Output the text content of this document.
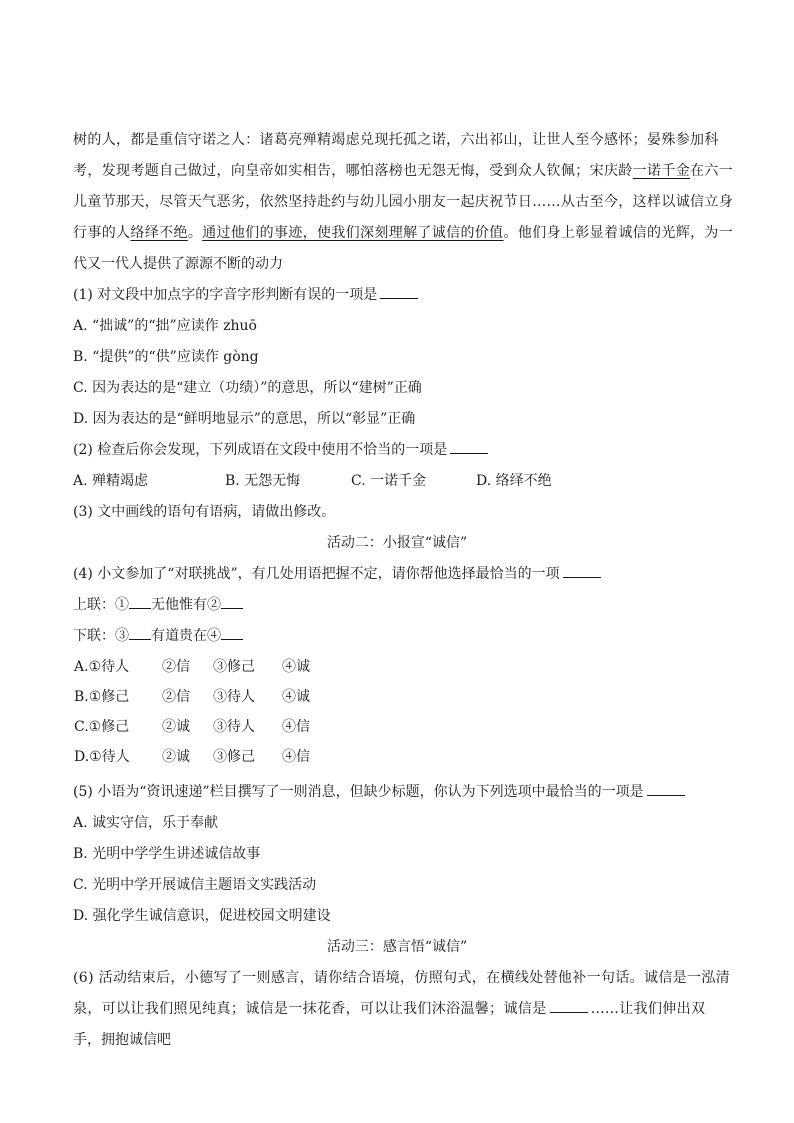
树的人，都是重信守诺之人：诸葛亮殚精竭虑兑现托孤之诺，六出祁山，让世人至今感怀；晏殊参加科
考，发现考题自己做过，向皇帝如实相告，哪怕落榜也无怨无悔，受到众人钦佩；宋庆龄一诺千金在六一
儿童节那天，尽管天气恶劣，依然坚持赴约与幼儿园小朋友一起庆祝节日……从古至今，这样以诚信立身
行事的人络绎不绝。通过他们的事迹，使我们深刻理解了诚信的价值。他们身上彰显着诚信的光辉，为一
代又一代人提供了源源不断的动力
(1) 对文段中加点字的字音字形判断有误的一项是
A. “拙诚”的“拙”应读作 zhuō
B. “提供”的“供”应读作 gòng
C. 因为表达的是“建立（功绩）”的意思，所以“建树”正确
D. 因为表达的是“鲜明地显示”的意思，所以“彰显”正确
(2) 检查后你会发现，下列成语在文段中使用不恰当的一项是
A. 殚精竭虑	B. 无怨无悔	C. 一诺千金	D. 络绎不绝
(3) 文中画线的语句有语病，请做出修改。
活动二：小报宣“诚信”
(4) 小文参加了“对联挑战”，有几处用语把握不定，请你帮他选择最恰当的一项
上联：① 无他惟有②
下联：③ 有道贵在④
A.①待人 ②信 ③修己 ④诚
B.①修己 ②信 ③待人 ④诚
C.①修己 ②诚 ③待人 ④信
D.①待人 ②诚 ③修己 ④信
(5) 小语为“资讯速递”栏目撰写了一则消息，但缺少标题，你认为下列选项中最恰当的一项是
A. 诚实守信，乐于奉献
B. 光明中学学生讲述诚信故事
C. 光明中学开展诚信主题语文实践活动
D. 强化学生诚信意识，促进校园文明建设
活动三：感言悟“诚信”
(6) 活动结束后，小德写了一则感言，请你结合语境，仿照句式，在横线处替他补一句话。诚信是一泓清
泉，可以让我们照见纯真；诚信是一抹花香，可以让我们沐浴温馨；诚信是	……让我们伸出双
手，拥抱诚信吧
